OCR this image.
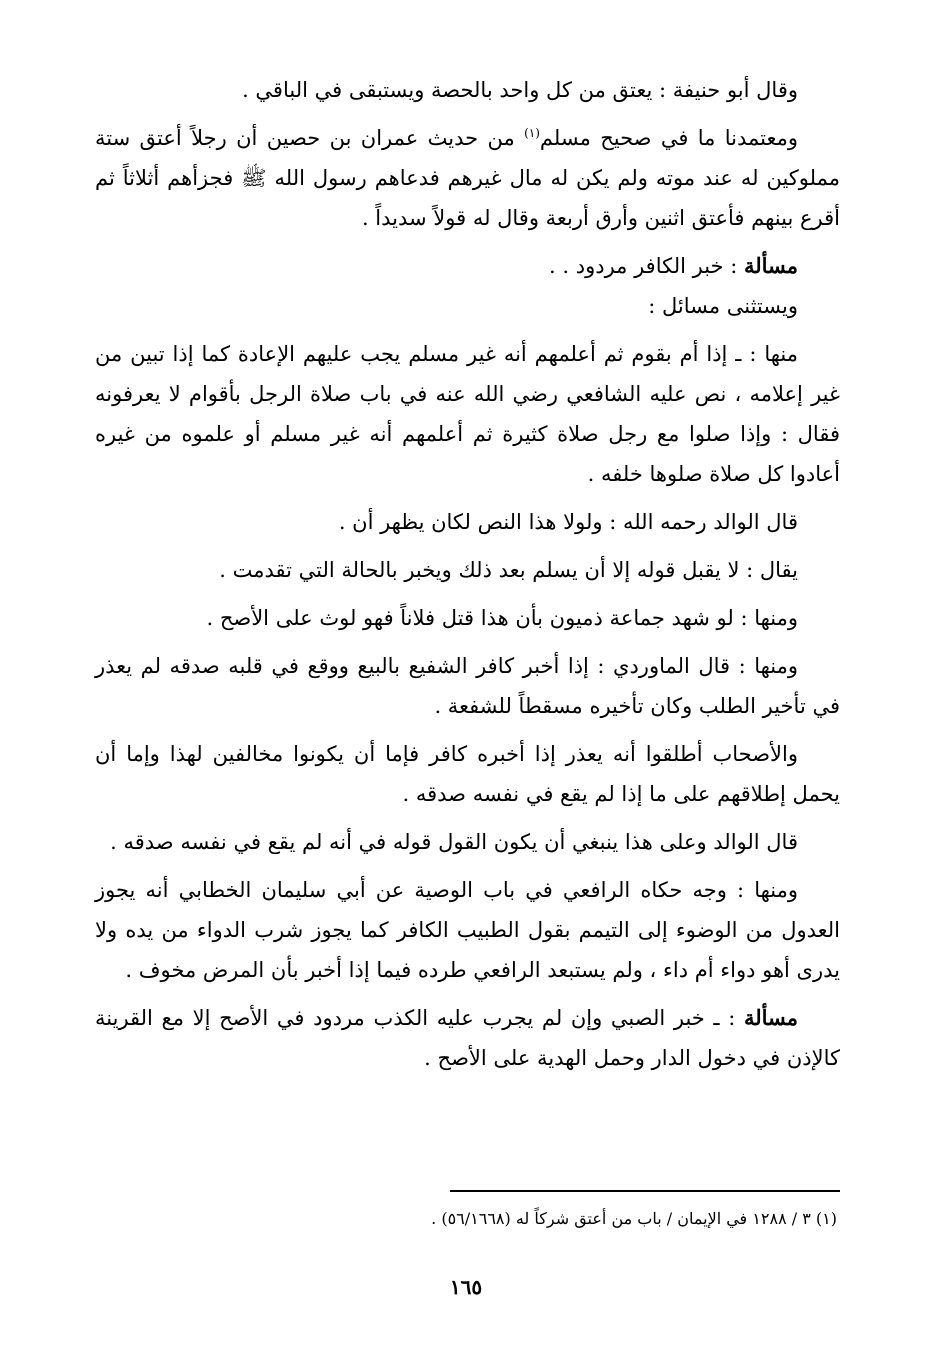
وقال أبو حنيفة : يعتق من كل واحد بالحصة ويستبقى في الباقي .

ومعتمدنا ما في صحيح مسلم$^{(١)}$ من حديث عمران بن حصين أن رجلاً أعتق ستة مملوكين له عند موته ولم يكن له مال غيرهم فدعاهم رسول الله ﷺ فجزأهم أثلاثاً ثم أقرع بينهم فأعتق اثنين وأرق أربعة وقال له قولاً سديداً .

مسألة : خبر الكافر مردود . .

ويستثنى مسائل :

منها : ـ إذا أم بقوم ثم أعلمهم أنه غير مسلم يجب عليهم الإعادة كما إذا تبين من غير إعلامه ، نص عليه الشافعي رضي الله عنه في باب صلاة الرجل بأقوام لا يعرفونه فقال : وإذا صلوا مع رجل صلاة كثيرة ثم أعلمهم أنه غير مسلم أو علموه من غيره أعادوا كل صلاة صلوها خلفه .

قال الوالد رحمه الله : ولولا هذا النص لكان يظهر أن .

يقال : لا يقبل قوله إلا أن يسلم بعد ذلك ويخبر بالحالة التي تقدمت .

ومنها : لو شهد جماعة ذميون بأن هذا قتل فلاناً فهو لوث على الأصح .

ومنها : قال الماوردي : إذا أخبر كافر الشفيع بالبيع ووقع في قلبه صدقه لم يعذر في تأخير الطلب وكان تأخيره مسقطاً للشفعة .

والأصحاب أطلقوا أنه يعذر إذا أخبره كافر فإما أن يكونوا مخالفين لهذا وإما أن يحمل إطلاقهم على ما إذا لم يقع في نفسه صدقه .

قال الوالد وعلى هذا ينبغي أن يكون القول قوله في أنه لم يقع في نفسه صدقه .

ومنها : وجه حكاه الرافعي في باب الوصية عن أبي سليمان الخطابي أنه يجوز العدول من الوضوء إلى التيمم بقول الطبيب الكافر كما يجوز شرب الدواء من يده ولا يدرى أهو دواء أم داء ، ولم يستبعد الرافعي طرده فيما إذا أخبر بأن المرض مخوف .

مسألة : ـ خبر الصبي وإن لم يجرب عليه الكذب مردود في الأصح إلا مع القرينة كالإذن في دخول الدار وحمل الهدية على الأصح .

(١) ٣ / ١٢٨٨ في الإيمان / باب من أعتق شركاً له (٥٦/١٦٦٨) .
١٦٥
